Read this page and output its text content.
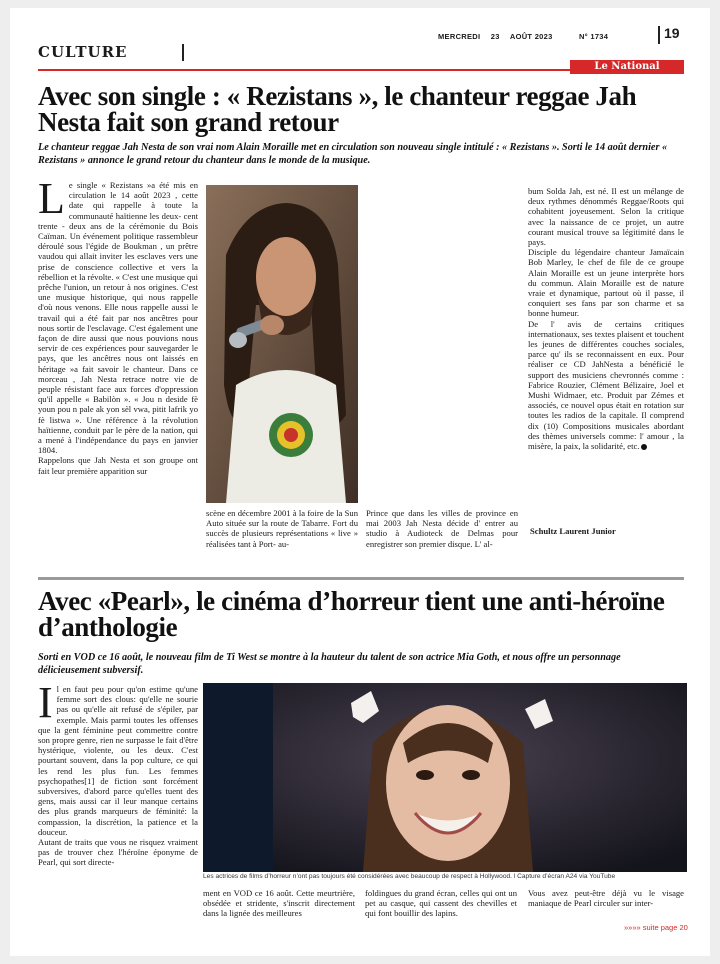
CULTURE
MERCREDI 23 AOÛT 2023	N° 1734	19
Le National
Avec son single : « Rezistans », le chanteur reggae Jah Nesta fait son grand retour
Le chanteur reggae Jah Nesta de son vrai nom Alain Moraille met en circulation son nouveau single intitulé : « Rezistans ». Sorti le 14 août dernier « Rezistans » annonce le grand retour du chanteur dans le monde de la musique.

Le single « Rezistans »a été mis en circulation le 14 août 2023 , cette date qui rappelle à toute la communauté haïtienne les deux- cent trente - deux ans de la cérémonie du Bois Caïman. Un événement politique rassembleur déroulé sous l'égide de Boukman , un prêtre vaudou qui allait inviter les esclaves vers une prise de conscience collective et vers la rébellion et la révolte. « C'est une musique qui prêche l'union, un retour à nos origines. C'est une musique historique, qui nous rappelle d'où nous venons. Elle nous rappelle aussi le travail qui a été fait par nos ancêtres pour nous sortir de l'esclavage. C'est également une façon de dire aussi que nous pouvions nous servir de ces expériences pour sauvegarder le pays, que les ancêtres nous ont laissés en héritage »a fait savoir le chanteur. Dans ce morceau , Jah Nesta retrace notre vie de peuple résistant face aux forces d'oppression qu'il appelle « Babilòn ». « Jou n deside fè youn pou n pale ak yon sèl vwa, pitit lafrik yo fè listwa ». Une référence à la révolution haïtienne, conduit par le père de la nation, qui a mené à l'indépendance du pays en janvier 1804.

Rappelons que Jah Nesta et son groupe ont fait leur première apparition sur

scène en décembre 2001 à la foire de la Sun Auto située sur la route de Tabarre. Fort du succès de plusieurs représentations « live » réalisées tant à Port- au-
Prince que dans les villes de province en mai 2003 Jah Nesta décide d' entrer au studio à Audioteck de Delmas pour enregistrer son premier disque. L' al-

bum Solda Jah, est né. Il est un mélange de deux rythmes dénommés Reggae/Roots qui cohabitent joyeusement. Selon la critique avec la naissance de ce projet, un autre courant musical trouve sa légitimité dans le pays.

Disciple du légendaire chanteur Jamaïcain Bob Marley, le chef de file de ce groupe Alain Moraille est un jeune interprète hors du commun. Alain Moraille est de nature vraie et dynamique, partout où il passe, il conquiert ses fans par son charme et sa bonne humeur.

De l' avis de certains critiques internationaux, ses textes plaisent et touchent les jeunes de différentes couches sociales, parce qu' ils se reconnaissent en eux. Pour réaliser ce CD JahNesta a bénéficié le support des musiciens chevronnés comme : Fabrice Rouzier, Clément Bélizaire, Joel et Mushi Widmaer, etc. Produit par Zémes et associés, ce nouvel opus était en rotation sur toutes les radios de la capitale. Il comprend dix (10) Compositions musicales abordant des thèmes universels comme: l' amour , la misère, la paix, la solidarité, etc.

Schultz Laurent Junior
Avec «Pearl», le cinéma d’horreur tient une anti-héroïne d’anthologie
Sorti en VOD ce 16 août, le nouveau film de Ti West se montre à la hauteur du talent de son actrice Mia Goth, et nous offre un personnage délicieusement subversif.

Il en faut peu pour qu'on estime qu'une femme sort des clous: qu'elle ne sourie pas ou qu'elle ait refusé de s'épiler, par exemple. Mais parmi toutes les offenses que la gent féminine peut commettre contre son propre genre, rien ne surpasse le fait d'être hystérique, violente, ou les deux. C'est pourtant souvent, dans la pop culture, ce qui les rend les plus fun. Les femmes psychopathes[1] de fiction sont forcément subversives, d'abord parce qu'elles tuent des gens, mais aussi car il leur manque certains des plus grands marqueurs de féminité: la compassion, la discrétion, la patience et la douceur.

Autant de traits que vous ne risquez vraiment pas de trouver chez l'héroïne éponyme de Pearl, qui sort directe-

Les actrices de films d’horreur n’ont pas toujours été considérées avec beaucoup de respect à Hollywood. l Capture d’écran A24 via YouTube
ment en VOD ce 16 août. Cette meurtrière, obsédée et stridente, s'inscrit directement dans la lignée des meilleures
foldingues du grand écran, celles qui ont un pet au casque, qui cassent des chevilles et qui font bouillir des lapins.
Vous avez peut-être déjà vu le visage maniaque de Pearl circuler sur inter-
»»»» suite page 20
